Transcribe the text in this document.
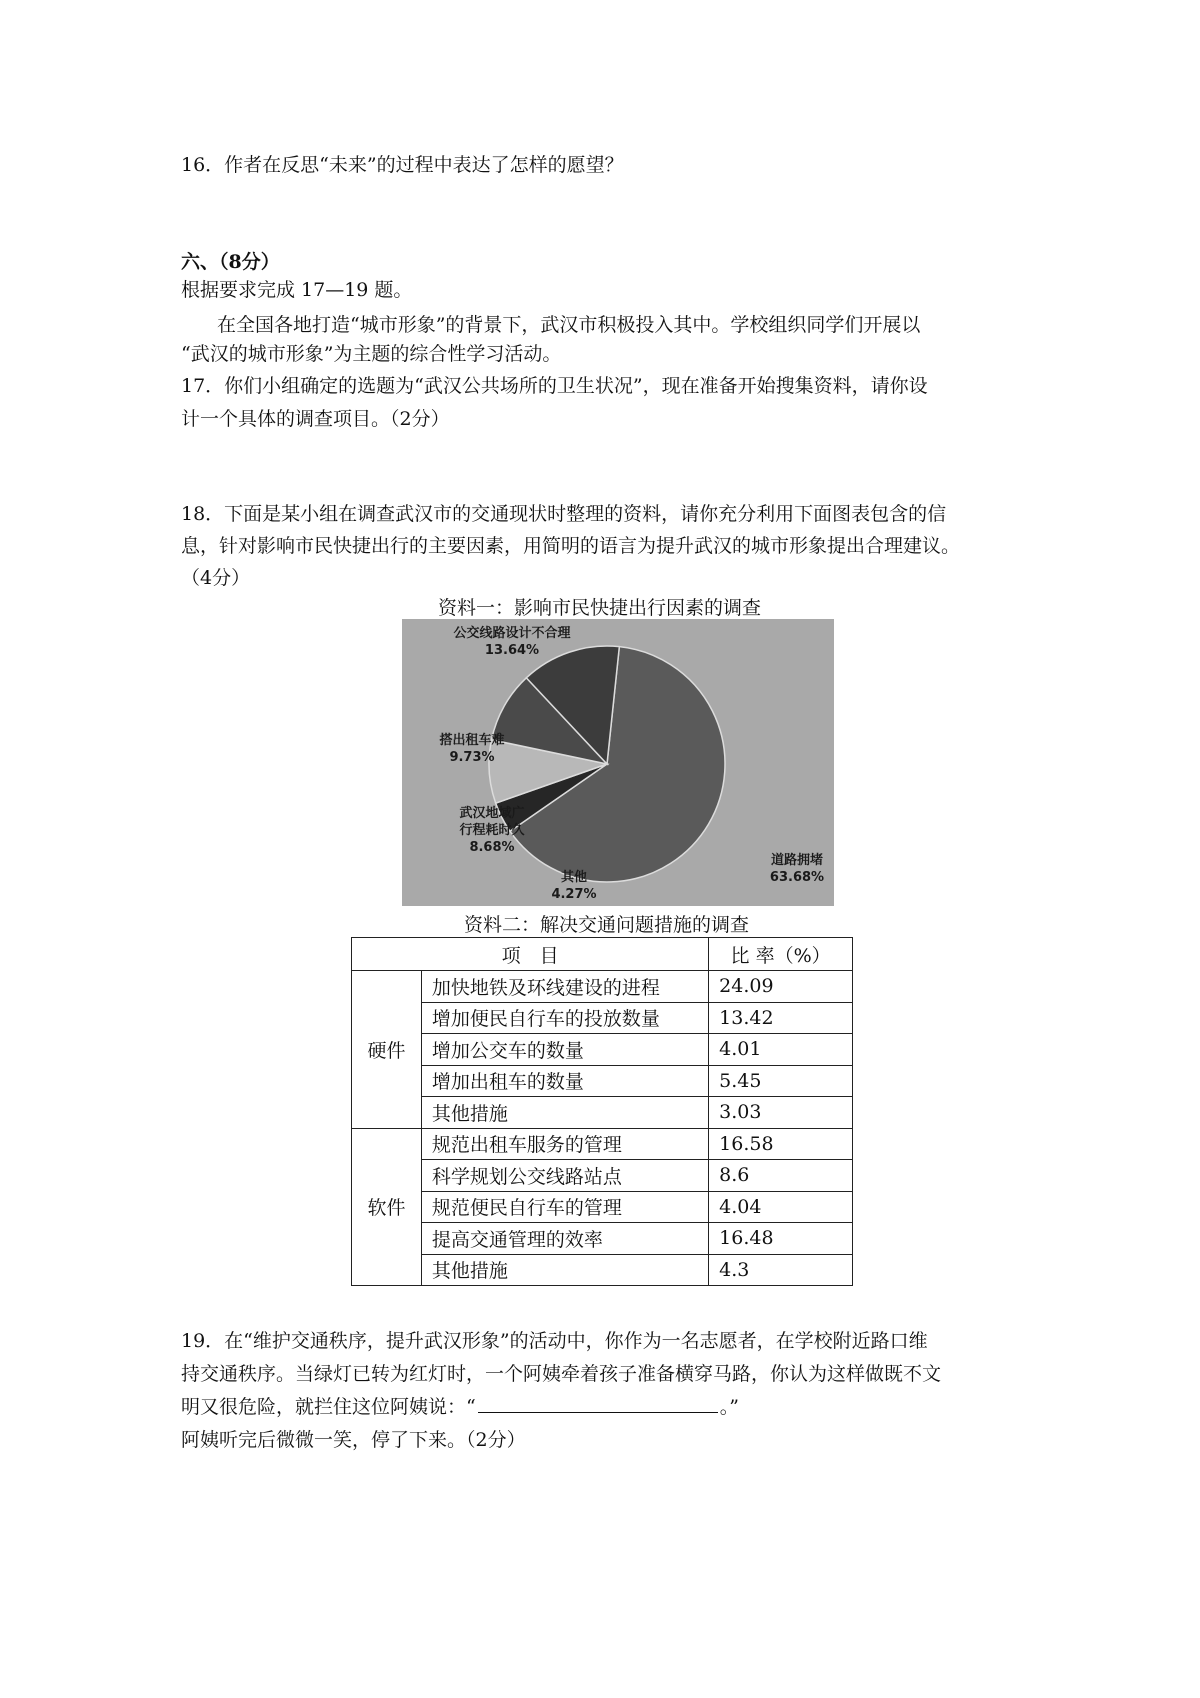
16．作者在反思“未来”的过程中表达了怎样的愿望？
六、（8分）
根据要求完成 17—19 题。
在全国各地打造“城市形象”的背景下，武汉市积极投入其中。学校组织同学们开展以
“武汉的城市形象”为主题的综合性学习活动。
17．你们小组确定的选题为“武汉公共场所的卫生状况”，现在准备开始搜集资料，请你设
计一个具体的调查项目。（2分）
18．下面是某小组在调查武汉市的交通现状时整理的资料，请你充分利用下面图表包含的信
息，针对影响市民快捷出行的主要因素，用简明的语言为提升武汉的城市形象提出合理建议。
（4分）
资料一：影响市民快捷出行因素的调查
道路拥堵
63.68%
其他
4.27%
武汉地域广
行程耗时久
8.68%
搭出租车难
9.73%
公交线路设计不合理
13.64%
资料二：解决交通问题措施的调查
项　目		比 率（%）
硬件	加快地铁及环线建设的进程	24.09
	增加便民自行车的投放数量	13.42
	增加公交车的数量	4.01
	增加出租车的数量	5.45
	其他措施	3.03
软件	规范出租车服务的管理	16.58
	科学规划公交线路站点	8.6
	规范便民自行车的管理	4.04
	提高交通管理的效率	16.48
	其他措施	4.3
19．在“维护交通秩序，提升武汉形象”的活动中，你作为一名志愿者，在学校附近路口维
持交通秩序。当绿灯已转为红灯时，一个阿姨牵着孩子准备横穿马路，你认为这样做既不文
明又很危险，就拦住这位阿姨说：“	。”
阿姨听完后微微一笑，停了下来。（2分）
